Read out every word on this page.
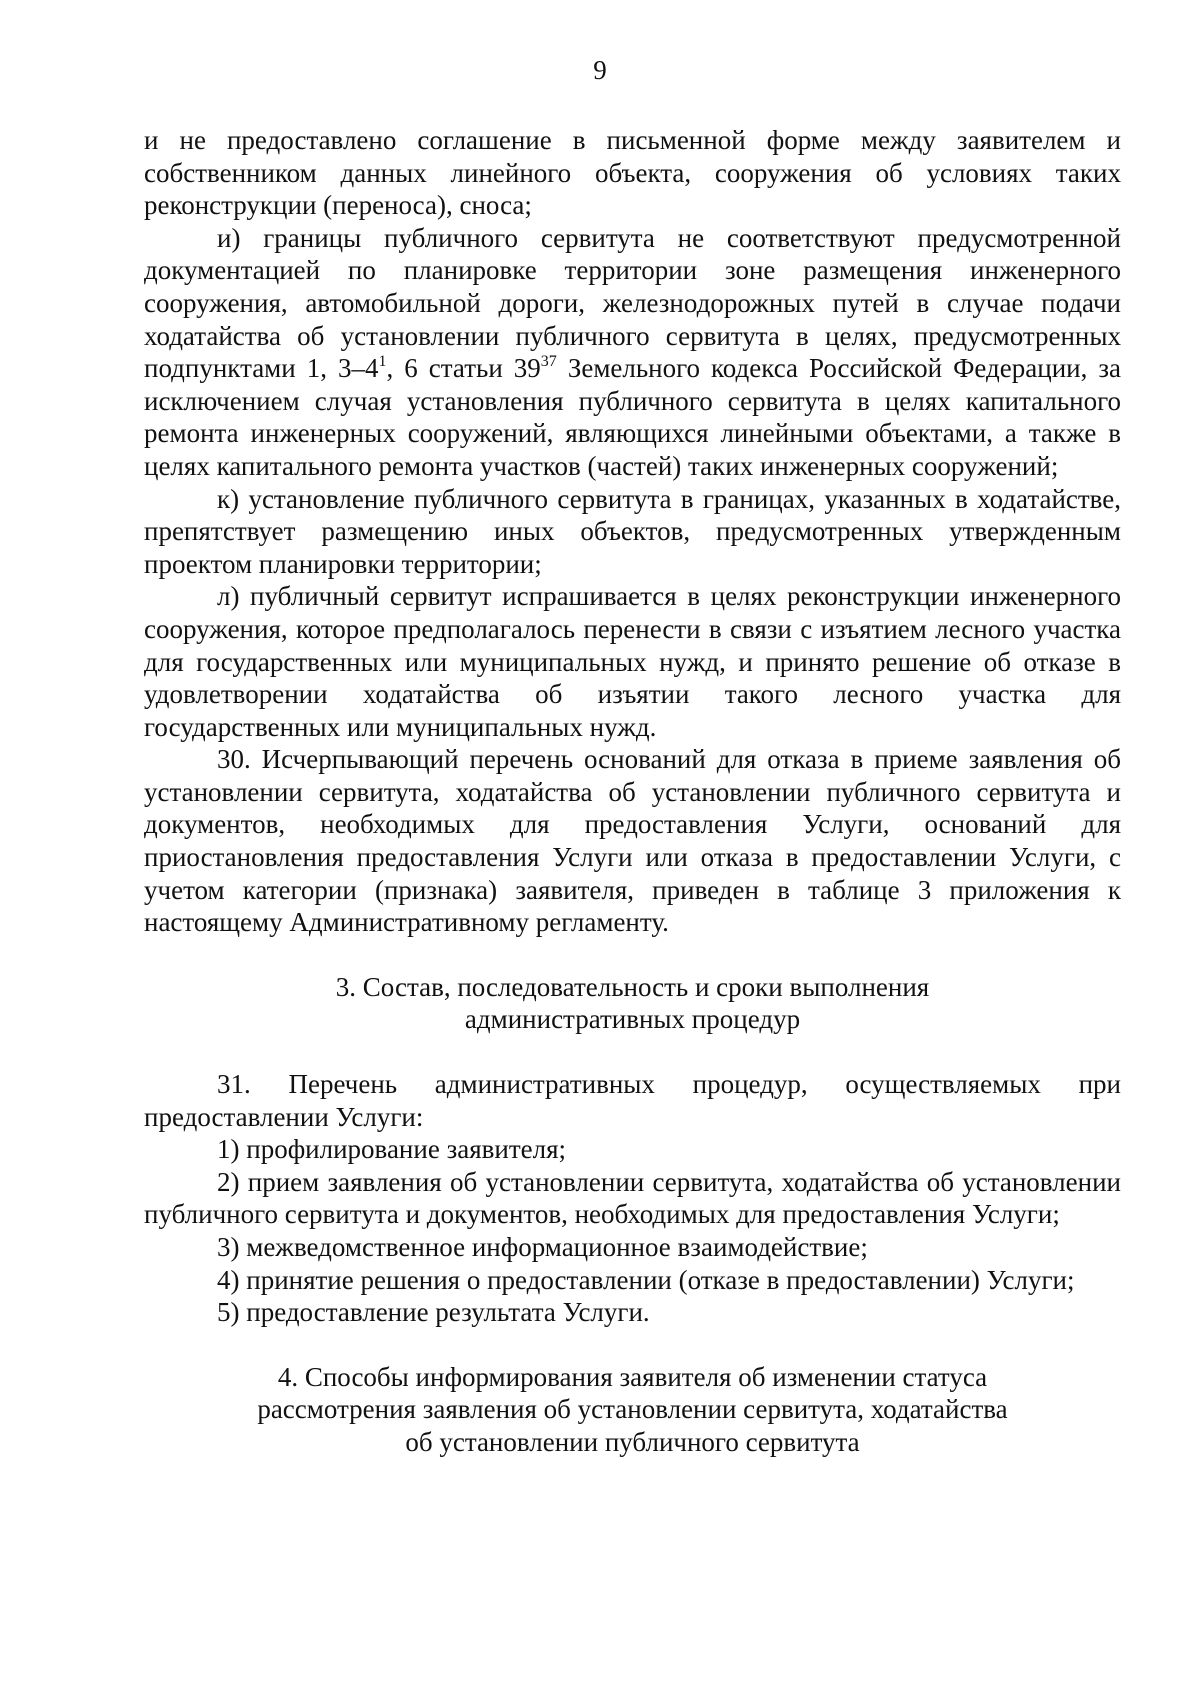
9

и не предоставлено соглашение в письменной форме между заявителем и собственником данных линейного объекта, сооружения об условиях таких реконструкции (переноса), сноса;

и) границы публичного сервитута не соответствуют предусмотренной документацией по планировке территории зоне размещения инженерного сооружения, автомобильной дороги, железнодорожных путей в случае подачи ходатайства об установлении публичного сервитута в целях, предусмотренных подпунктами 1, $3-4^1$, 6 статьи $39^{37}$ Земельного кодекса Российской Федерации, за исключением случая установления публичного сервитута в целях капитального ремонта инженерных сооружений, являющихся линейными объектами, а также в целях капитального ремонта участков (частей) таких инженерных сооружений;

к) установление публичного сервитута в границах, указанных в ходатайстве, препятствует размещению иных объектов, предусмотренных утвержденным проектом планировки территории;

л) публичный сервитут испрашивается в целях реконструкции инженерного сооружения, которое предполагалось перенести в связи с изъятием лесного участка для государственных или муниципальных нужд, и принято решение об отказе в удовлетворении ходатайства об изъятии такого лесного участка для государственных или муниципальных нужд.

30. Исчерпывающий перечень оснований для отказа в приеме заявления об установлении сервитута, ходатайства об установлении публичного сервитута и документов, необходимых для предоставления Услуги, оснований для приостановления предоставления Услуги или отказа в предоставлении Услуги, с учетом категории (признака) заявителя, приведен в таблице 3 приложения к настоящему Административному регламенту.

3. Состав, последовательность и сроки выполнения
административных процедур

31. Перечень административных процедур, осуществляемых при предоставлении Услуги:

1) профилирование заявителя;

2) прием заявления об установлении сервитута, ходатайства об установлении публичного сервитута и документов, необходимых для предоставления Услуги;

3) межведомственное информационное взаимодействие;

4) принятие решения о предоставлении (отказе в предоставлении) Услуги;

5) предоставление результата Услуги.

4. Способы информирования заявителя об изменении статуса
рассмотрения заявления об установлении сервитута, ходатайства
об установлении публичного сервитута
